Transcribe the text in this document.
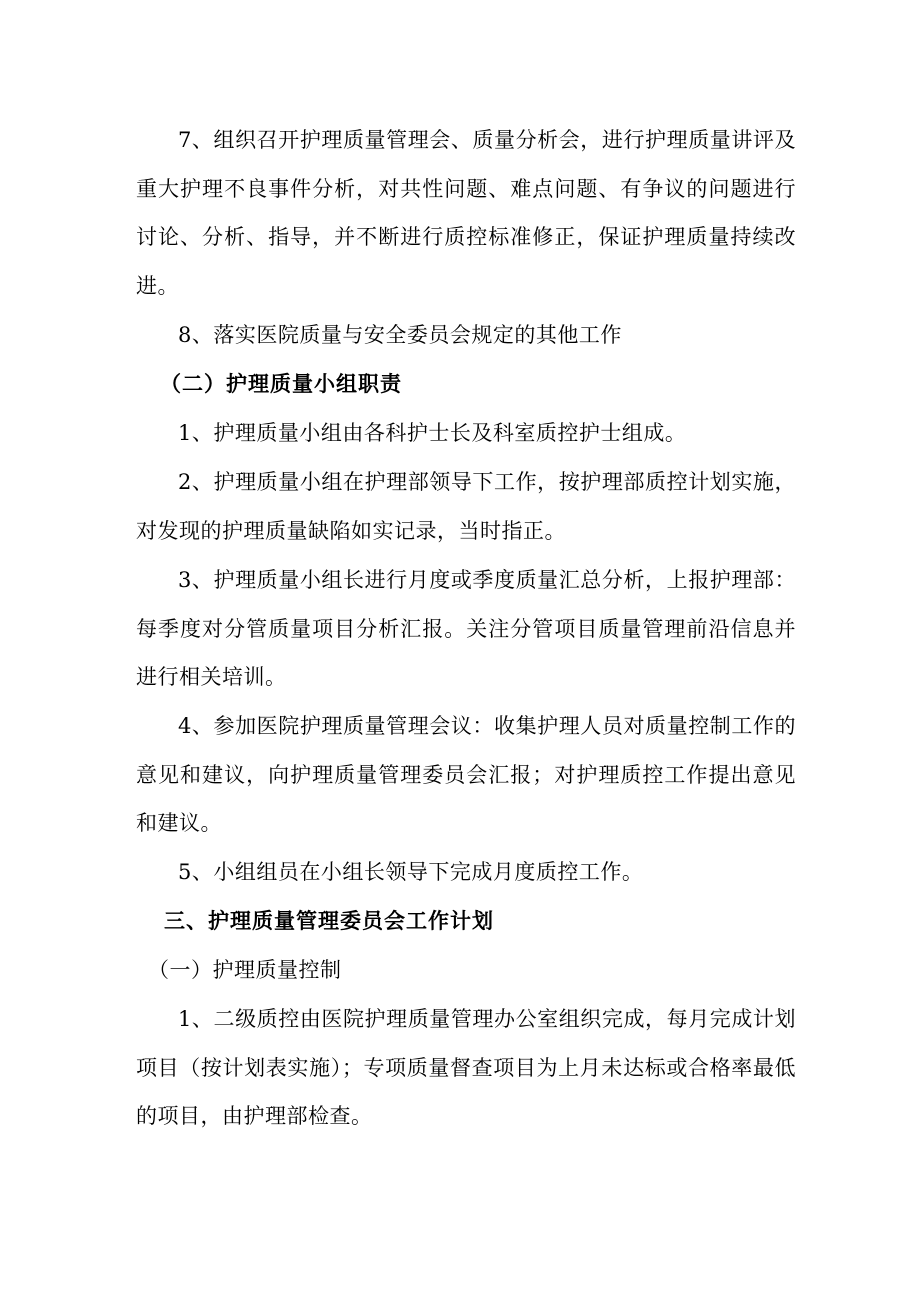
7、组织召开护理质量管理会、质量分析会，进行护理质量讲评及重大护理不良事件分析，对共性问题、难点问题、有争议的问题进行讨论、分析、指导，并不断进行质控标准修正，保证护理质量持续改进。

8、落实医院质量与安全委员会规定的其他工作

（二）护理质量小组职责

1、护理质量小组由各科护士长及科室质控护士组成。

2、护理质量小组在护理部领导下工作，按护理部质控计划实施，对发现的护理质量缺陷如实记录，当时指正。

3、护理质量小组长进行月度或季度质量汇总分析，上报护理部：每季度对分管质量项目分析汇报。关注分管项目质量管理前沿信息并进行相关培训。

4、参加医院护理质量管理会议：收集护理人员对质量控制工作的意见和建议，向护理质量管理委员会汇报；对护理质控工作提出意见和建议。

5、小组组员在小组长领导下完成月度质控工作。

三、护理质量管理委员会工作计划

（一）护理质量控制

1、二级质控由医院护理质量管理办公室组织完成，每月完成计划项目（按计划表实施）；专项质量督查项目为上月未达标或合格率最低的项目，由护理部检查。
